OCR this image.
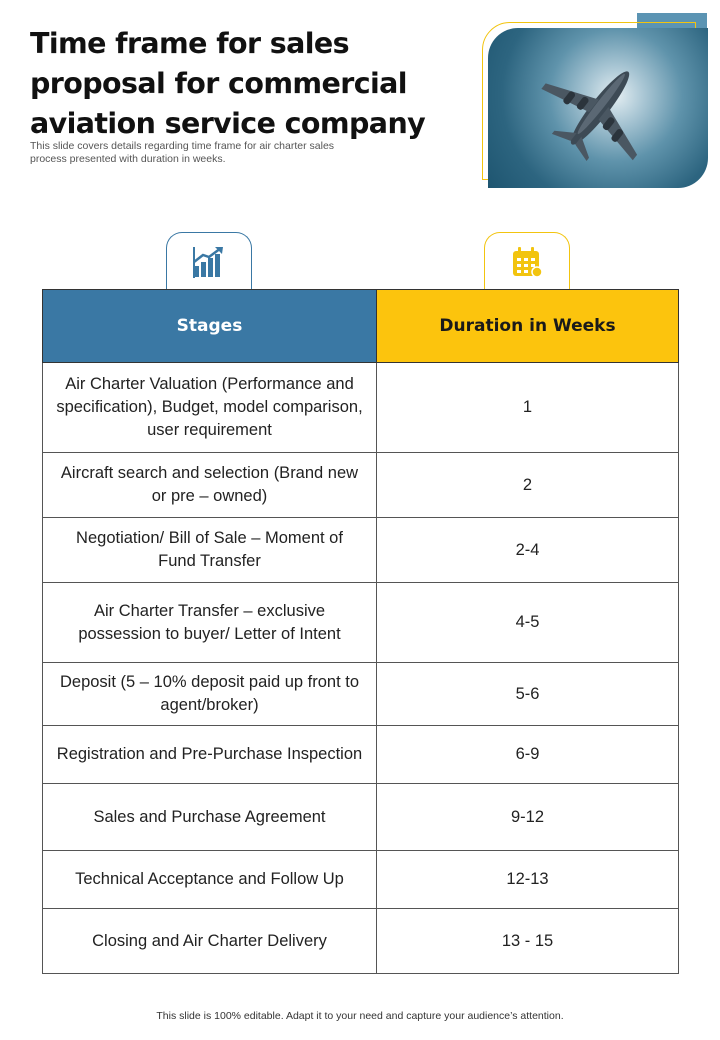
Time frame for sales proposal for commercial aviation service company
This slide covers details regarding time frame for air charter sales process presented with duration in weeks.
Stages	Duration in Weeks
Air Charter Valuation (Performance and specification), Budget, model comparison, user requirement	1
Aircraft search and selection (Brand new or pre – owned)	2
Negotiation/ Bill of Sale – Moment of Fund Transfer	2-4
Air Charter Transfer – exclusive possession to buyer/ Letter of Intent	4-5
Deposit (5 – 10% deposit paid up front to agent/broker)	5-6
Registration and Pre-Purchase Inspection	6-9
Sales and Purchase Agreement	9-12
Technical Acceptance and Follow Up	12-13
Closing and Air Charter Delivery	13 - 15
This slide is 100% editable. Adapt it to your need and capture your audience’s attention.
